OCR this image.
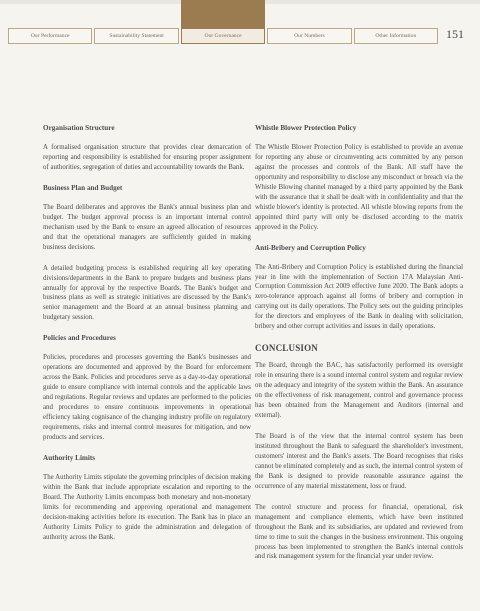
Our Performance	Sustainability Statement	Our Governance	Our Numbers	Other Information	151
Organisation Structure

A formalised organisation structure that provides clear demarcation of reporting and responsibility is established for ensuring proper assignment of authorities, segregation of duties and accountability towards the Bank.

Business Plan and Budget

The Board deliberates and approves the Bank's annual business plan and budget. The budget approval process is an important internal control mechanism used by the Bank to ensure an agreed allocation of resources and that the operational managers are sufficiently guided in making business decisions.

A detailed budgeting process is established requiring all key operating divisions/departments in the Bank to prepare budgets and business plans annually for approval by the respective Boards. The Bank's budget and business plans as well as strategic initiatives are discussed by the Bank's senior management and the Board at an annual business planning and budgetary session.

Policies and Procedures

Policies, procedures and processes governing the Bank's businesses and operations are documented and approved by the Board for enforcement across the Bank. Policies and procedures serve as a day-to-day operational guide to ensure compliance with internal controls and the applicable laws and regulations. Regular reviews and updates are performed to the policies and procedures to ensure continuous improvements in operational efficiency taking cognisance of the changing industry profile on regulatory requirements, risks and internal control measures for mitigation, and new products and services.

Authority Limits

The Authority Limits stipulate the governing principles of decision making within the Bank that include appropriate escalation and reporting to the Board. The Authority Limits encompass both monetary and non-monetary limits for recommending and approving operational and management decision-making activities before its execution. The Bank has in place an Authority Limits Policy to guide the administration and delegation of authority across the Bank.

Whistle Blower Protection Policy

The Whistle Blower Protection Policy is established to provide an avenue for reporting any abuse or circumventing acts committed by any person against the processes and controls of the Bank. All staff have the opportunity and responsibility to disclose any misconduct or breach via the Whistle Blowing channel managed by a third party appointed by the Bank with the assurance that it shall be dealt with in confidentiality and that the whistle blower's identity is protected. All whistle blowing reports from the appointed third party will only be disclosed according to the matrix approved in the Policy.

Anti-Bribery and Corruption Policy

The Anti-Bribery and Corruption Policy is established during the financial year in line with the implementation of Section 17A Malaysian Anti-Corruption Commission Act 2009 effective June 2020. The Bank adopts a zero-tolerance approach against all forms of bribery and corruption in carrying out its daily operations. The Policy sets out the guiding principles for the directors and employees of the Bank in dealing with solicitation, bribery and other corrupt activities and issues in daily operations.

CONCLUSION

The Board, through the BAC, has satisfactorily performed its oversight role in ensuring there is a sound internal control system and regular review on the adequacy and integrity of the system within the Bank. An assurance on the effectiveness of risk management, control and governance process has been obtained from the Management and Auditors (internal and external).

The Board is of the view that the internal control system has been instituted throughout the Bank to safeguard the shareholder's investment, customers' interest and the Bank's assets. The Board recognises that risks cannot be eliminated completely and as such, the internal control system of the Bank is designed to provide reasonable assurance against the occurrence of any material misstatement, loss or fraud.

The control structure and process for financial, operational, risk management and compliance elements, which have been instituted throughout the Bank and its subsidiaries, are updated and reviewed from time to time to suit the changes in the business environment. This ongoing process has been implemented to strengthen the Bank's internal controls and risk management system for the financial year under review.
